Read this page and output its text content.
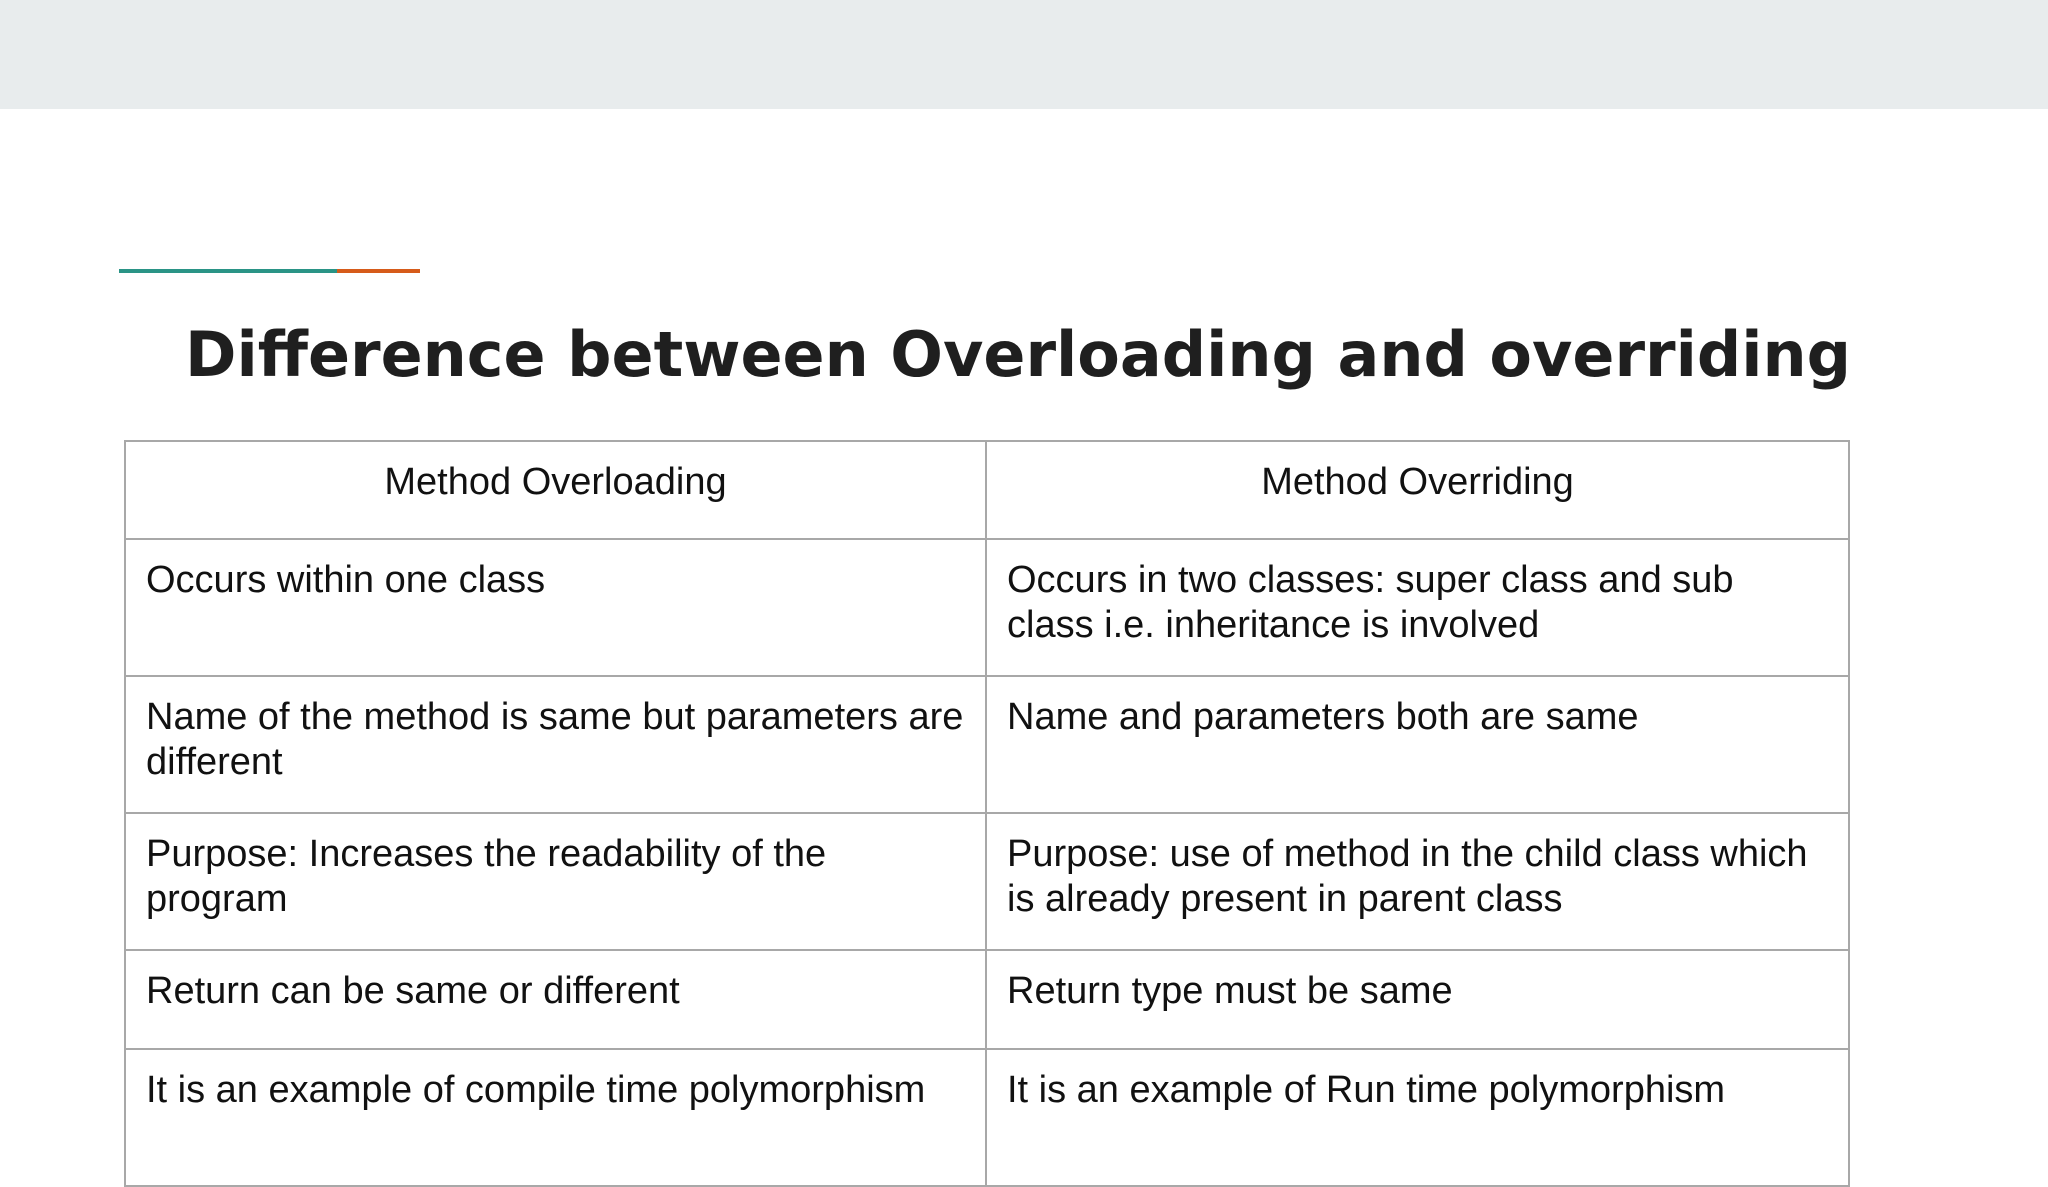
Difference between Overloading and overriding
Method Overloading	Method Overriding
Occurs within one class	Occurs in two classes: super class and sub class i.e. inheritance is involved
Name of the method is same but parameters are different	Name and parameters both are same
Purpose: Increases the readability of the program	Purpose: use of method in the child class which is already present in parent class
Return can be same or different	Return type must be same
It is an example of compile time polymorphism	It is an example of Run time polymorphism
